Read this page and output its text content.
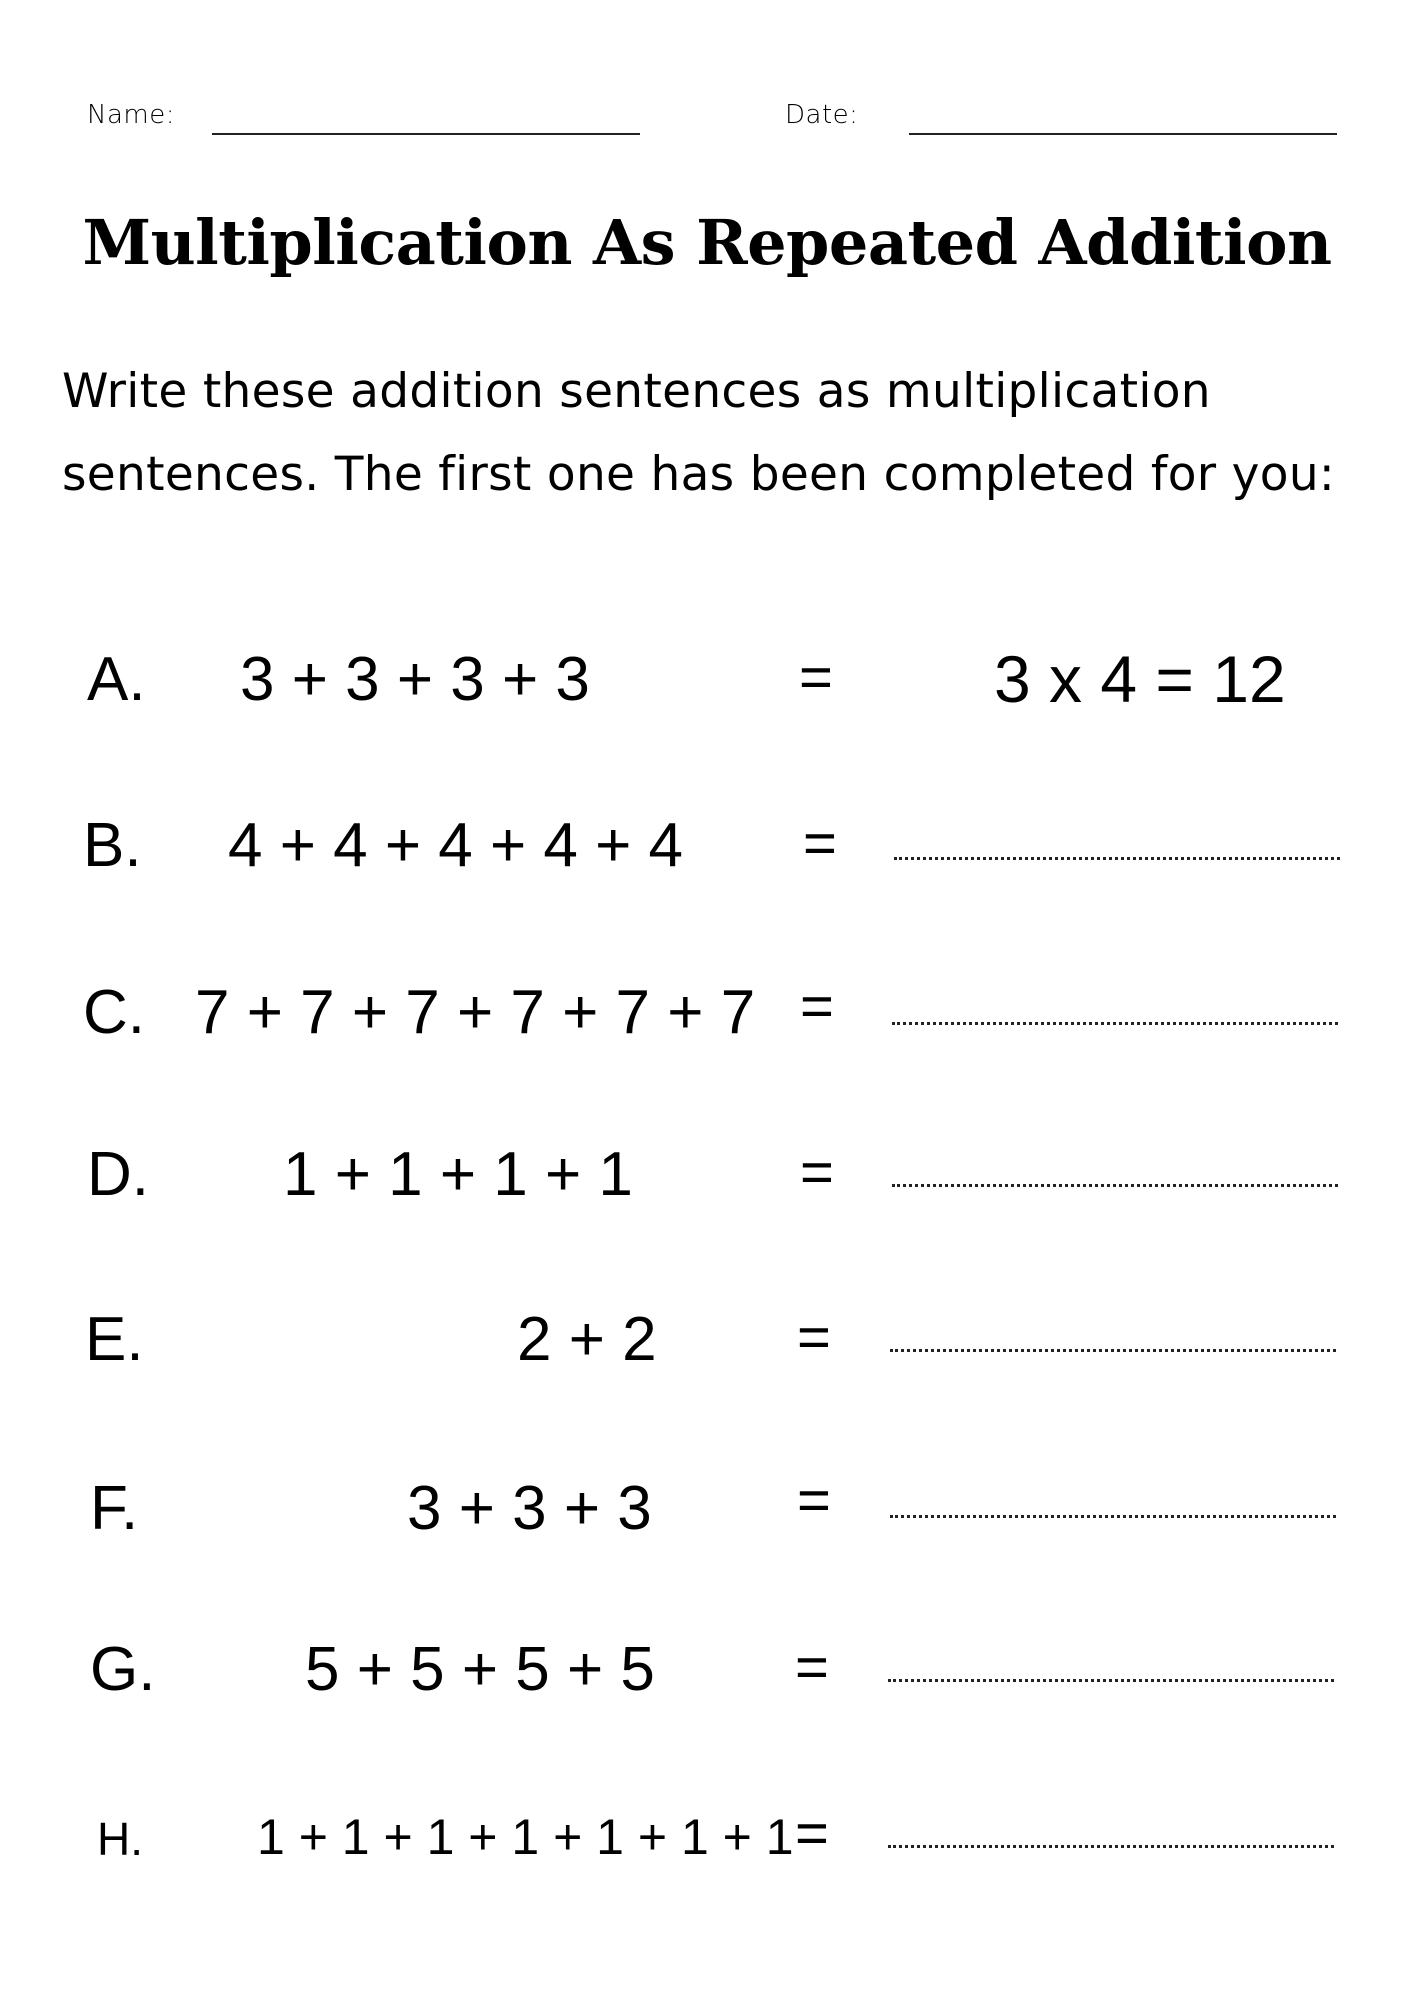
Name:	Date:
Multiplication As Repeated Addition
Write these addition sentences as multiplication
sentences. The first one has been completed for you:
A. 3 + 3 + 3 + 3	= 3 x 4 = 12
B. 4 + 4 + 4 + 4 + 4 =
C. 7 + 7 + 7 + 7 + 7 + 7 =
D. 1 + 1 + 1 + 1	=
E.	2 + 2 =
F.	3 + 3 + 3	=
G. 5 + 5 + 5 + 5 =
H. 1 + 1 + 1 + 1 + 1 + 1 + 1 =
